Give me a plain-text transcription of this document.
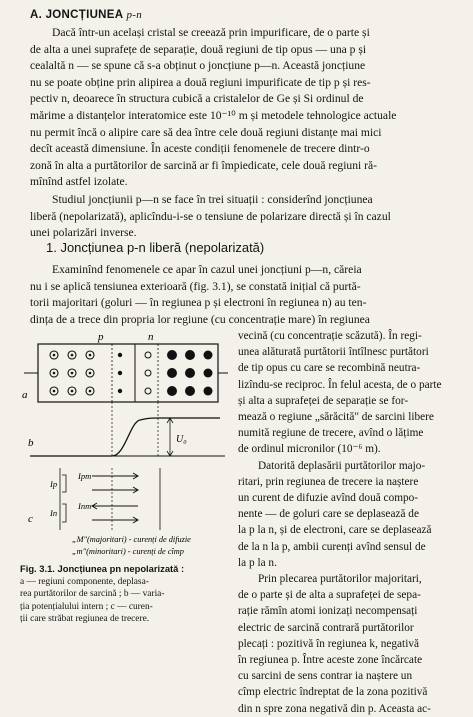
A. JONCȚIUNEA p-n
Dacă într-un același cristal se creează prin impurificare, de o parte și
de alta a unei suprafețe de separație, două regiuni de tip opus — una p și
cealaltă n — se spune că s-a obținut o joncțiune p—n. Această joncțiune
nu se poate obține prin alipirea a două regiuni impurificate de tip p și res-
pectiv n, deoarece în structura cubică a cristalelor de Ge și Si ordinul de
mărime a distanțelor interatomice este 10⁻¹⁰ m și metodele tehnologice actuale
nu permit încă o alipire care să dea între cele două regiuni distanțe mai mici
decît această dimensiune. În aceste condiții fenomenele de trecere dintr-o
zonă în alta a purtătorilor de sarcină ar fi împiedicate, cele două regiuni ră-
mînînd astfel izolate.
Studiul joncțiunii p—n se face în trei situații : considerînd joncțiunea
liberă (nepolarizată), aplicîndu-i-se o tensiune de polarizare directă și în cazul
unei polarizări inverse.
1. Joncțiunea p-n liberă (nepolarizată)
Examinînd fenomenele ce apar în cazul unei joncțiuni p—n, căreia
nu i se aplică tensiunea exterioară (fig. 3.1), se constată inițial că purtă-
torii majoritari (goluri — în regiunea p și electroni în regiunea n) au ten-
dința de a trece din propria lor regiune (cu concentrație mare) în regiunea
vecină (cu concentrație scăzută). În regi-
unea alăturată purtătorii întîlnesc purtători
de tip opus cu care se recombină neutra-
lizîndu-se reciproc. În felul acesta, de o parte
și alta a suprafeței de separație se for-
mează o regiune „sărăcită" de sarcini libere
numită regiune de trecere, avînd o lățime
de ordinul micronilor (10⁻⁶ m).
Datorită deplasării purtătorilor majo-
ritari, prin regiunea de trecere ia naștere
un curent de difuzie avînd două compo-
nente — de goluri care se deplasează de
la p la n, și de electroni, care se deplasează
de la n la p, ambii curenți avînd sensul de
la p la n.
Prin plecarea purtătorilor majoritari,
de o parte și de alta a suprafeței de sepa-
rație rămîn atomi ionizați necompensați
electric de sarcină contrară purtătorilor
plecați : pozitivă în regiunea k, negativă
în regiunea p. Între aceste zone încărcate
cu sarcini de sens contrar ia naștere un
cîmp electric îndreptat de la zona pozitivă
din n spre zona negativă din p. Aceasta ac-
p	n
a
U₀
b
Ipm
Ip
Inm
In
c
„M"(majoritari) - curenți de difuzie
„m"(minoritari) - curenți de cîmp
Fig. 3.1. Joncțiunea pn nepolarizată :
a — regiuni componente, deplasa-
rea purtătorilor de sarcină ; b — varia-
ția potențialului intern ; c — curen-
ții care străbat regiunea de trecere.
